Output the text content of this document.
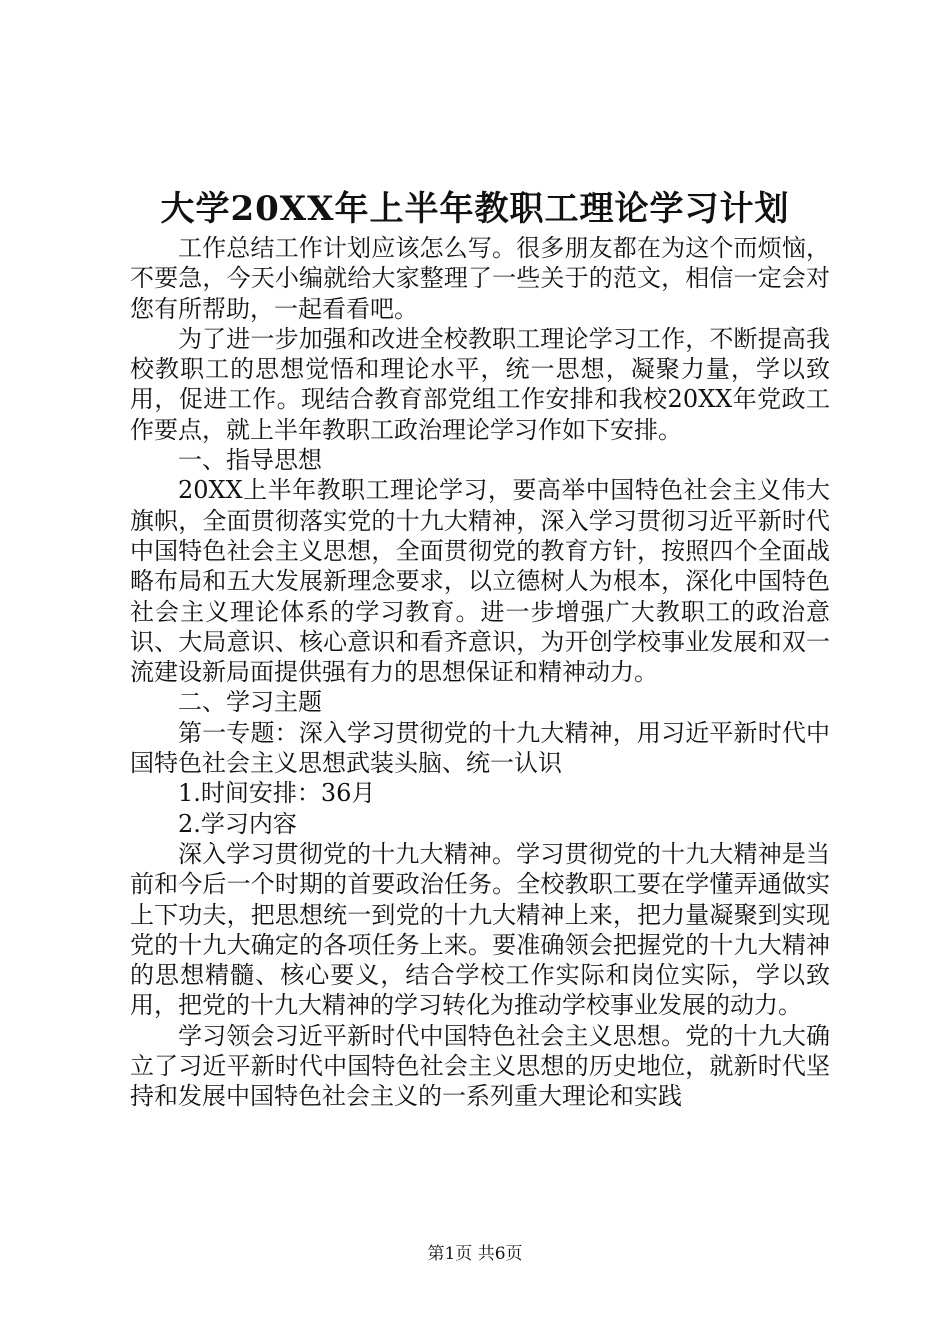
大学20XX年上半年教职工理论学习计划

工作总结工作计划应该怎么写。很多朋友都在为这个而烦恼，不要急，今天小编就给大家整理了一些关于的范文，相信一定会对您有所帮助，一起看看吧。

为了进一步加强和改进全校教职工理论学习工作，不断提高我校教职工的思想觉悟和理论水平，统一思想，凝聚力量，学以致用，促进工作。现结合教育部党组工作安排和我校20XX年党政工作要点，就上半年教职工政治理论学习作如下安排。

一、指导思想

20XX上半年教职工理论学习，要高举中国特色社会主义伟大旗帜，全面贯彻落实党的十九大精神，深入学习贯彻习近平新时代中国特色社会主义思想，全面贯彻党的教育方针，按照四个全面战略布局和五大发展新理念要求，以立德树人为根本，深化中国特色社会主义理论体系的学习教育。进一步增强广大教职工的政治意识、大局意识、核心意识和看齐意识，为开创学校事业发展和双一流建设新局面提供强有力的思想保证和精神动力。

二、学习主题

第一专题：深入学习贯彻党的十九大精神，用习近平新时代中国特色社会主义思想武装头脑、统一认识

1.时间安排：36月

2.学习内容

深入学习贯彻党的十九大精神。学习贯彻党的十九大精神是当前和今后一个时期的首要政治任务。全校教职工要在学懂弄通做实上下功夫，把思想统一到党的十九大精神上来，把力量凝聚到实现党的十九大确定的各项任务上来。要准确领会把握党的十九大精神的思想精髓、核心要义，结合学校工作实际和岗位实际，学以致用，把党的十九大精神的学习转化为推动学校事业发展的动力。

学习领会习近平新时代中国特色社会主义思想。党的十九大确立了习近平新时代中国特色社会主义思想的历史地位，就新时代坚持和发展中国特色社会主义的一系列重大理论和实践

第1页 共6页
